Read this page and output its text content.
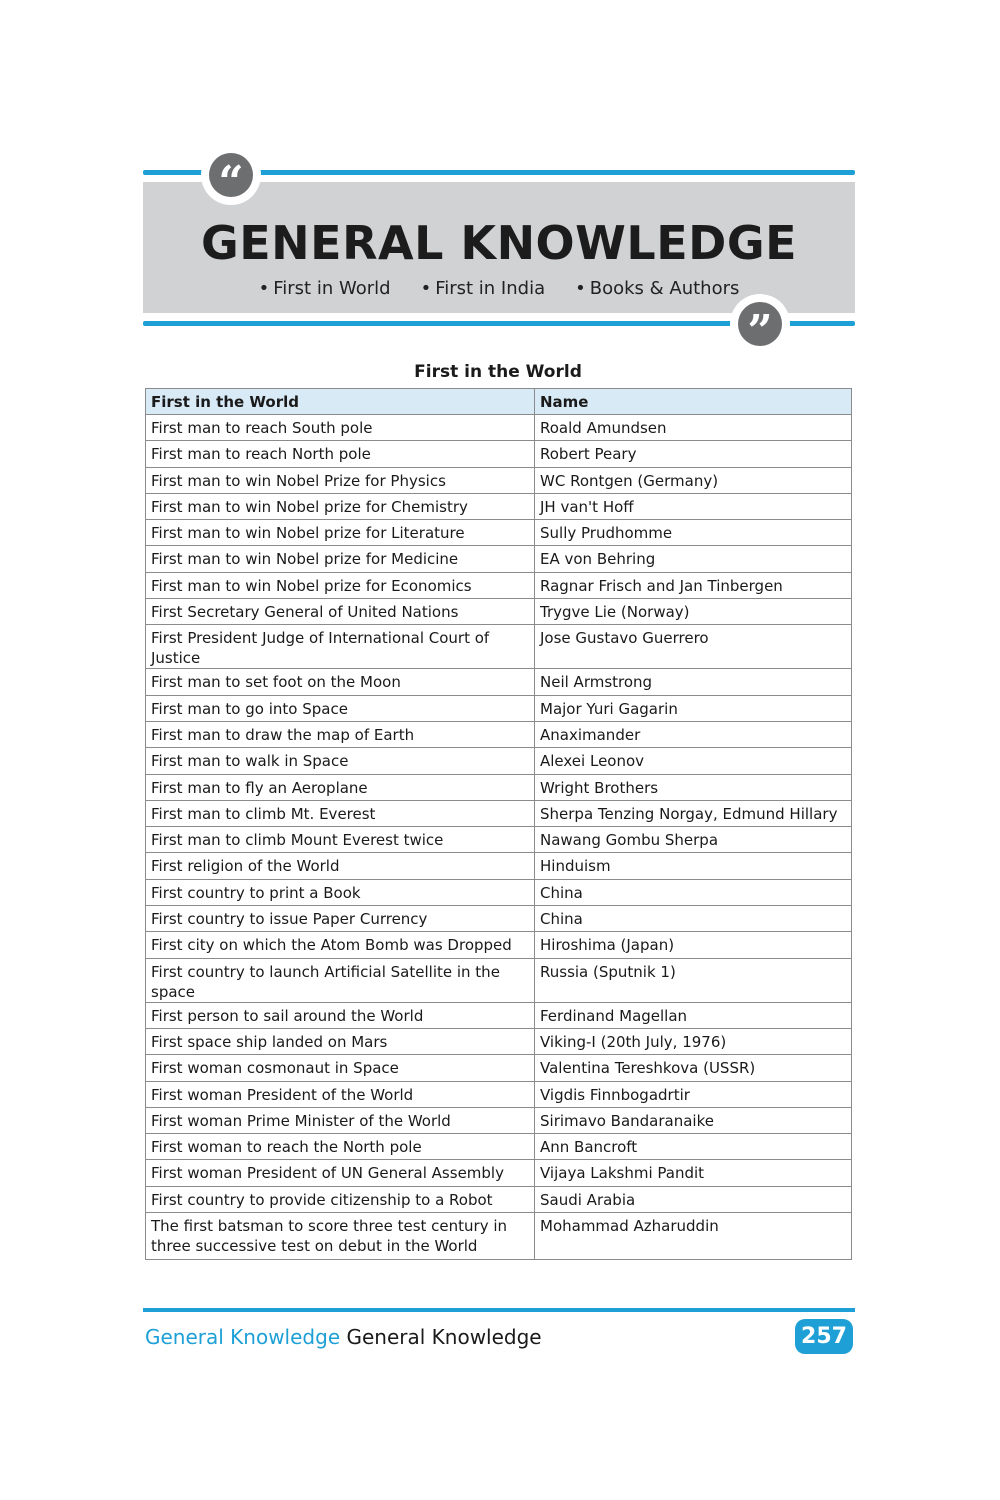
“
”
GENERAL KNOWLEDGE
• First in World	• First in India	• Books & Authors
First in the World
First in the World	Name
First man to reach South pole	Roald Amundsen
First man to reach North pole	Robert Peary
First man to win Nobel Prize for Physics	WC Rontgen (Germany)
First man to win Nobel prize for Chemistry	JH van't Hoff
First man to win Nobel prize for Literature	Sully Prudhomme
First man to win Nobel prize for Medicine	EA von Behring
First man to win Nobel prize for Economics	Ragnar Frisch and Jan Tinbergen
First Secretary General of United Nations	Trygve Lie (Norway)
First President Judge of International Court of Justice	Jose Gustavo Guerrero
First man to set foot on the Moon	Neil Armstrong
First man to go into Space	Major Yuri Gagarin
First man to draw the map of Earth	Anaximander
First man to walk in Space	Alexei Leonov
First man to fly an Aeroplane	Wright Brothers
First man to climb Mt. Everest	Sherpa Tenzing Norgay, Edmund Hillary
First man to climb Mount Everest twice	Nawang Gombu Sherpa
First religion of the World	Hinduism
First country to print a Book	China
First country to issue Paper Currency	China
First city on which the Atom Bomb was Dropped	Hiroshima (Japan)
First country to launch Artificial Satellite in the space	Russia (Sputnik 1)
First person to sail around the World	Ferdinand Magellan
First space ship landed on Mars	Viking-I (20th July, 1976)
First woman cosmonaut in Space	Valentina Tereshkova (USSR)
First woman President of the World	Vigdis Finnbogadrtir
First woman Prime Minister of the World	Sirimavo Bandaranaike
First woman to reach the North pole	Ann Bancroft
First woman President of UN General Assembly	Vijaya Lakshmi Pandit
First country to provide citizenship to a Robot	Saudi Arabia
The first batsman to score three test century in three successive test on debut in the World	Mohammad Azharuddin
General Knowledge General Knowledge	257
